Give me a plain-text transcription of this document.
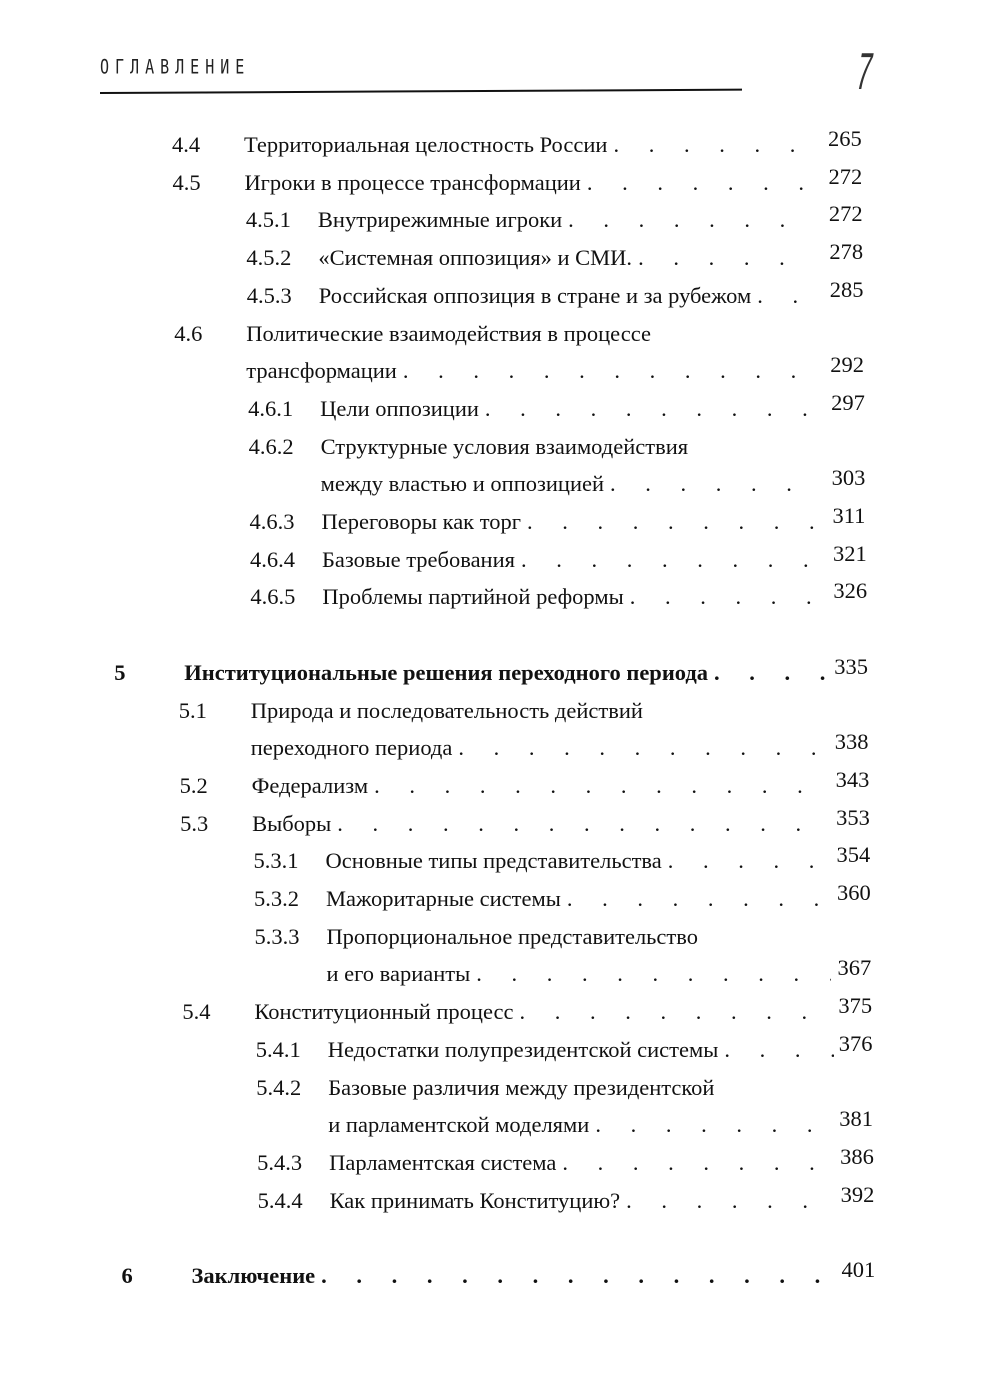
ОГЛАВЛЕНИЕ	7
4.4 Территориальная целостность России . . .	265
4.5 Игроки в процессе трансформации . . .	272
4.5.1 Внутрирежимные игроки . . .	272
4.5.2 «Системная оппозиция» и СМИ. . . .	278
4.5.3 Российская оппозиция в стране и за рубежом . . .	285
4.6 Политические взаимодействия в процессе
трансформации . . .	292
4.6.1 Цели оппозиции . . .	297
4.6.2 Структурные условия взаимодействия
между властью и оппозицией . . .	303
4.6.3 Переговоры как торг . . .	311
4.6.4 Базовые требования . . .	321
4.6.5 Проблемы партийной реформы . . .	326
5	Институциональные решения переходного периода . . .	335
5.1 Природа и последовательность действий
переходного периода . . .	338
5.2 Федерализм . . .	343
5.3 Выборы . . .	353
5.3.1 Основные типы представительства . . .	354
5.3.2 Мажоритарные системы . . .	360
5.3.3 Пропорциональное представительство
и его варианты . . .	367
5.4 Конституционный процесс . . .	375
5.4.1 Недостатки полупрезидентской системы . . .	376
5.4.2 Базовые различия между президентской
и парламентской моделями . . .	381
5.4.3 Парламентская система . . .	386
5.4.4 Как принимать Конституцию? . . .	392
6	Заключение . . .	401
